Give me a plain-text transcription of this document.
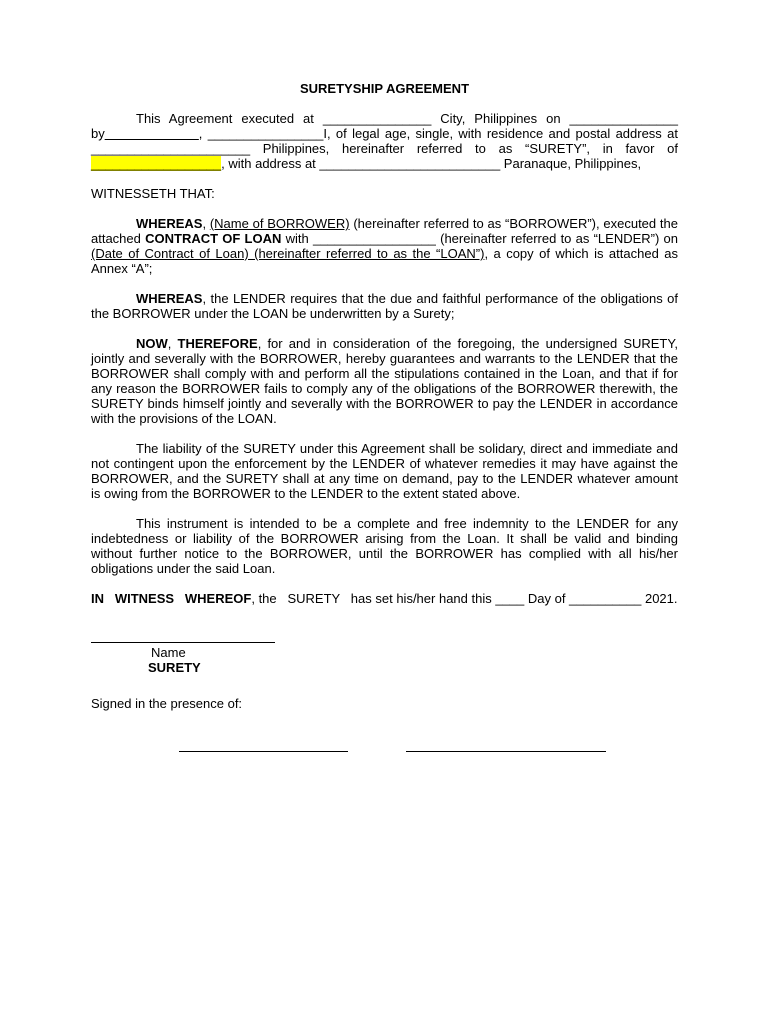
SURETYSHIP AGREEMENT

This Agreement executed at _______________ City, Philippines on _______________ by_____________, ________________I, of legal age, single, with residence and postal address at ______________________ Philippines, hereinafter referred to as “SURETY”, in favor of __________________, with address at _________________________ Paranaque, Philippines,

WITNESSETH THAT:

WHEREAS, (Name of BORROWER) (hereinafter referred to as “BORROWER”), executed the attached CONTRACT OF LOAN with _________________ (hereinafter referred to as “LENDER”) on (Date of Contract of Loan) (hereinafter referred to as the “LOAN”), a copy of which is attached as Annex “A”;

WHEREAS, the LENDER requires that the due and faithful performance of the obligations of the BORROWER under the LOAN be underwritten by a Surety;

NOW, THEREFORE, for and in consideration of the foregoing, the undersigned SURETY, jointly and severally with the BORROWER, hereby guarantees and warrants to the LENDER that the BORROWER shall comply with and perform all the stipulations contained in the Loan, and that if for any reason the BORROWER fails to comply any of the obligations of the BORROWER therewith, the SURETY binds himself jointly and severally with the BORROWER to pay the LENDER in accordance with the provisions of the LOAN.

The liability of the SURETY under this Agreement shall be solidary, direct and immediate and not contingent upon the enforcement by the LENDER of whatever remedies it may have against the BORROWER, and the SURETY shall at any time on demand, pay to the LENDER whatever amount is owing from the BORROWER to the LENDER to the extent stated above.

This instrument is intended to be a complete and free indemnity to the LENDER for any indebtedness or liability of the BORROWER arising from the Loan. It shall be valid and binding without further notice to the BORROWER, until the BORROWER has complied with all his/her obligations under the said Loan.

IN   WITNESS   WHEREOF, the   SURETY   has set his/her hand this ____ Day of __________ 2021.

Name
SURETY
Signed in the presence of:
